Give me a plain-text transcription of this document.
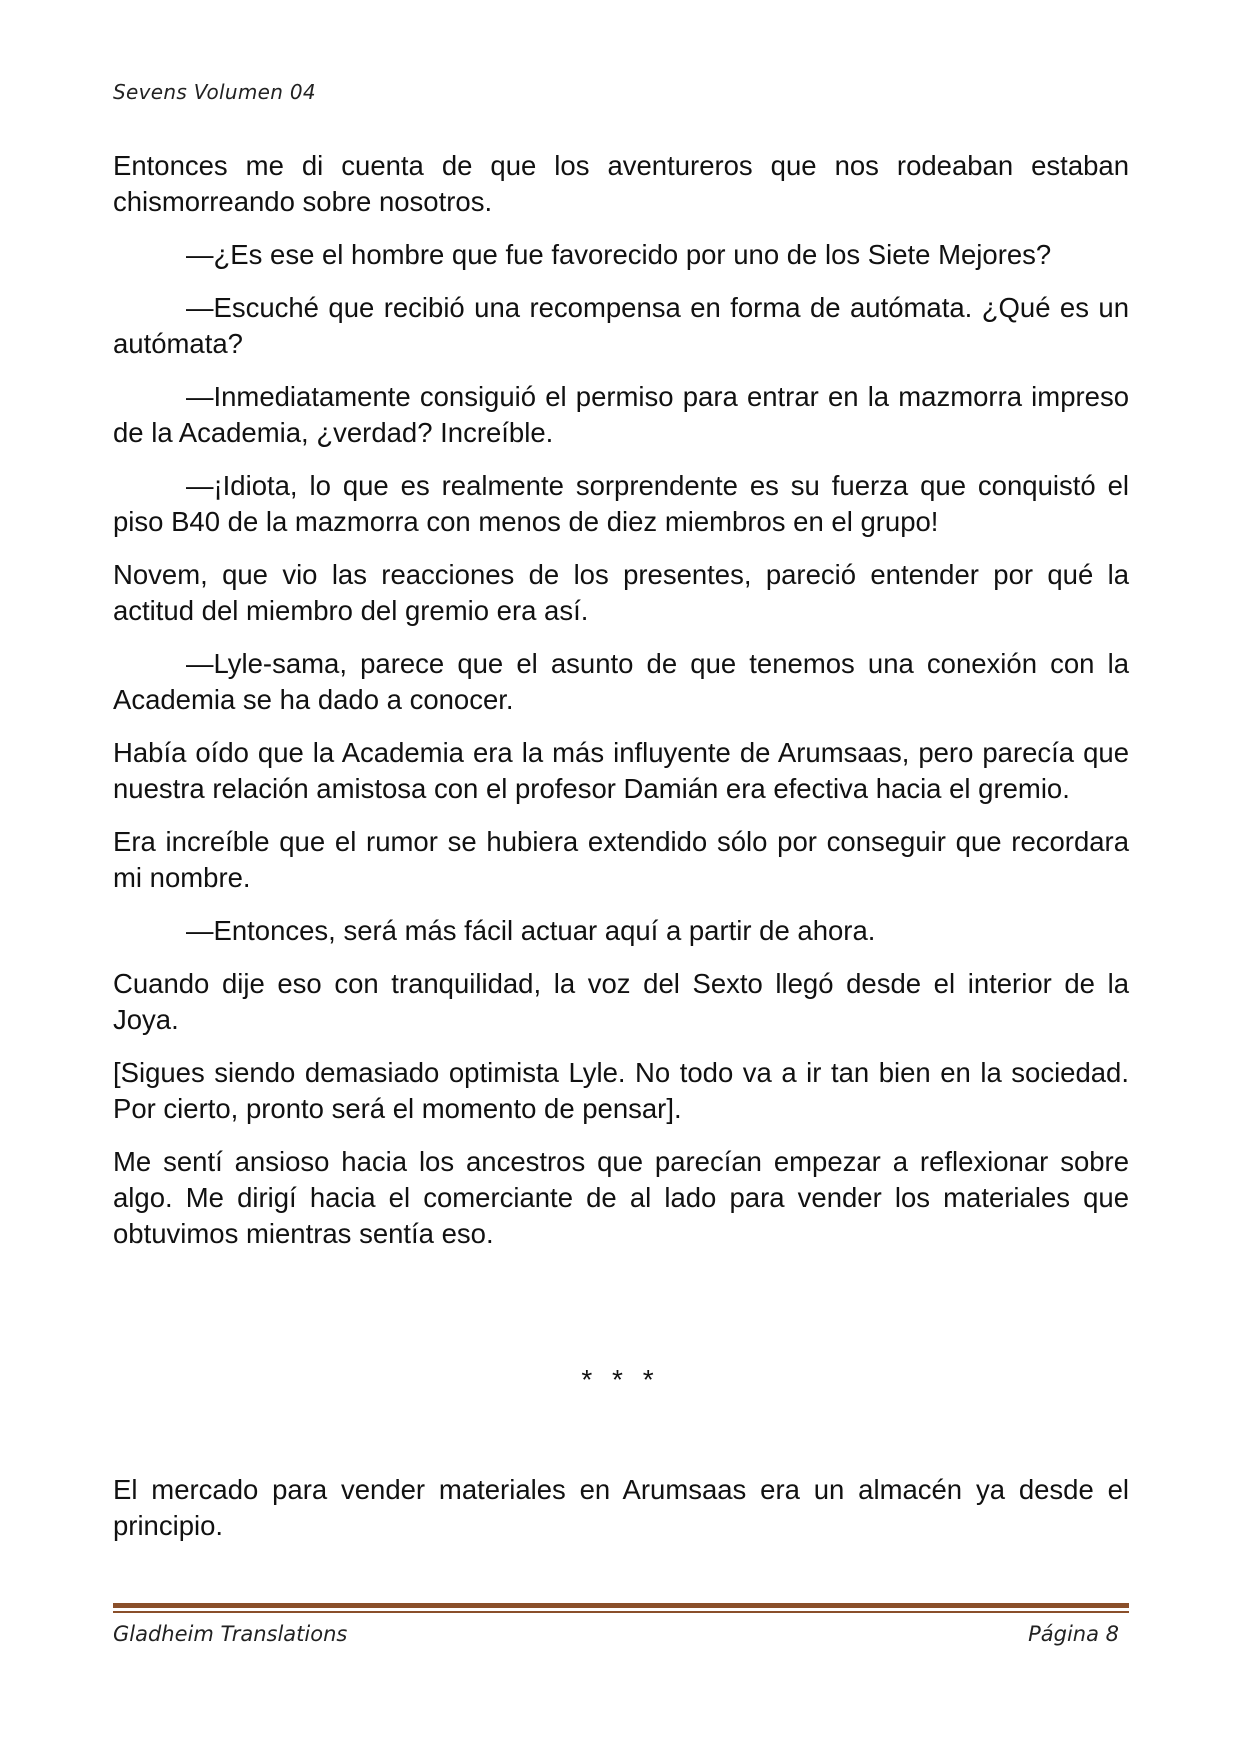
Sevens Volumen 04

Entonces me di cuenta de que los aventureros que nos rodeaban estaban chismorreando sobre nosotros.

—¿Es ese el hombre que fue favorecido por uno de los Siete Mejores?

—Escuché que recibió una recompensa en forma de autómata. ¿Qué es un autómata?

—Inmediatamente consiguió el permiso para entrar en la mazmorra impreso de la Academia, ¿verdad? Increíble.

—¡Idiota, lo que es realmente sorprendente es su fuerza que conquistó el piso B40 de la mazmorra con menos de diez miembros en el grupo!

Novem, que vio las reacciones de los presentes, pareció entender por qué la actitud del miembro del gremio era así.

—Lyle-sama, parece que el asunto de que tenemos una conexión con la Academia se ha dado a conocer.

Había oído que la Academia era la más influyente de Arumsaas, pero parecía que nuestra relación amistosa con el profesor Damián era efectiva hacia el gremio.

Era increíble que el rumor se hubiera extendido sólo por conseguir que recordara mi nombre.

—Entonces, será más fácil actuar aquí a partir de ahora.

Cuando dije eso con tranquilidad, la voz del Sexto llegó desde el interior de la Joya.

[Sigues siendo demasiado optimista Lyle. No todo va a ir tan bien en la sociedad. Por cierto, pronto será el momento de pensar].

Me sentí ansioso hacia los ancestros que parecían empezar a reflexionar sobre algo. Me dirigí hacia el comerciante de al lado para vender los materiales que obtuvimos mientras sentía eso.

* * *

El mercado para vender materiales en Arumsaas era un almacén ya desde el principio.

Gladheim Translations	Página 8
